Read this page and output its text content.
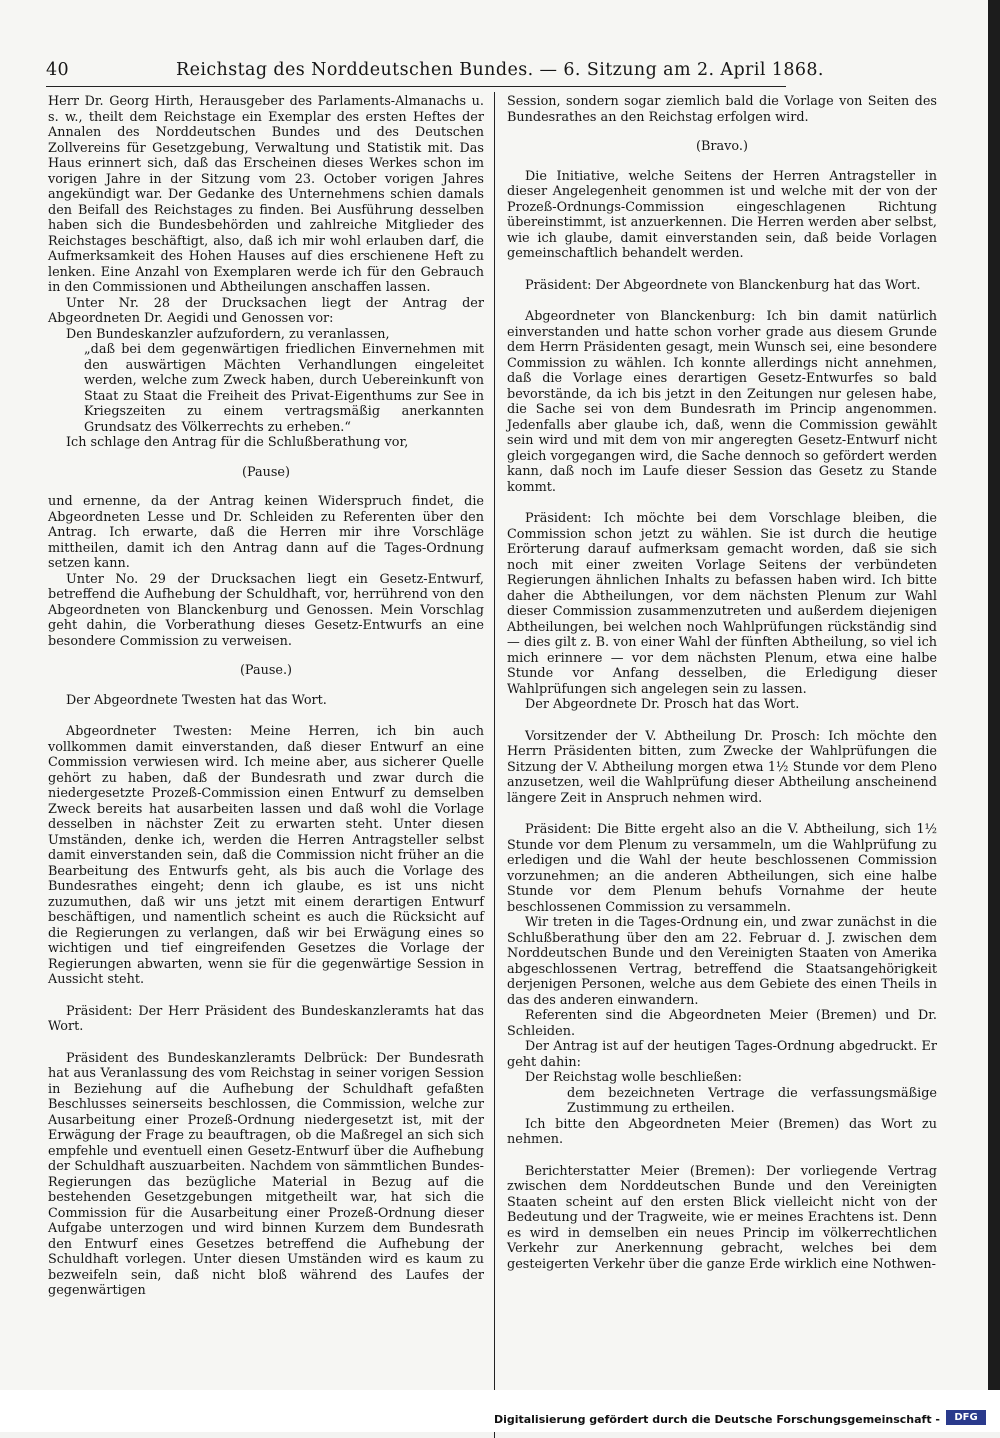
40	Reichstag des Norddeutschen Bundes. — 6. Sitzung am 2. April 1868.

Herr Dr. Georg Hirth, Herausgeber des Parlaments-Almanachs u. s. w., theilt dem Reichstage ein Exemplar des ersten Heftes der Annalen des Norddeutschen Bundes und des Deutschen Zollvereins für Gesetzgebung, Verwaltung und Statistik mit. Das Haus erinnert sich, daß das Erscheinen dieses Werkes schon im vorigen Jahre in der Sitzung vom 23. October vorigen Jahres angekündigt war. Der Gedanke des Unternehmens schien damals den Beifall des Reichstages zu finden. Bei Ausführung desselben haben sich die Bundesbehörden und zahlreiche Mitglieder des Reichstages beschäftigt, also, daß ich mir wohl erlauben darf, die Aufmerksamkeit des Hohen Hauses auf dies erschienene Heft zu lenken. Eine Anzahl von Exemplaren werde ich für den Gebrauch in den Commissionen und Abtheilungen anschaffen lassen.

Unter Nr. 28 der Drucksachen liegt der Antrag der Abgeordneten Dr. Aegidi und Genossen vor:

Den Bundeskanzler aufzufordern, zu veranlassen,

„daß bei dem gegenwärtigen friedlichen Einvernehmen mit den auswärtigen Mächten Verhandlungen eingeleitet werden, welche zum Zweck haben, durch Uebereinkunft von Staat zu Staat die Freiheit des Privat-Eigenthums zur See in Kriegszeiten zu einem vertragsmäßig anerkannten Grundsatz des Völkerrechts zu erheben.“

Ich schlage den Antrag für die Schlußberathung vor,

(Pause)

und ernenne, da der Antrag keinen Widerspruch findet, die Abgeordneten Lesse und Dr. Schleiden zu Referenten über den Antrag. Ich erwarte, daß die Herren mir ihre Vorschläge mittheilen, damit ich den Antrag dann auf die Tages-Ordnung setzen kann.

Unter No. 29 der Drucksachen liegt ein Gesetz-Entwurf, betreffend die Aufhebung der Schuldhaft, vor, herrührend von den Abgeordneten von Blanckenburg und Genossen. Mein Vorschlag geht dahin, die Vorberathung dieses Gesetz-Entwurfs an eine besondere Commission zu verweisen.

(Pause.)

Der Abgeordnete Twesten hat das Wort.

Abgeordneter Twesten: Meine Herren, ich bin auch vollkommen damit einverstanden, daß dieser Entwurf an eine Commission verwiesen wird. Ich meine aber, aus sicherer Quelle gehört zu haben, daß der Bundesrath und zwar durch die niedergesetzte Prozeß-Commission einen Entwurf zu demselben Zweck bereits hat ausarbeiten lassen und daß wohl die Vorlage desselben in nächster Zeit zu erwarten steht. Unter diesen Umständen, denke ich, werden die Herren Antragsteller selbst damit einverstanden sein, daß die Commission nicht früher an die Bearbeitung des Entwurfs geht, als bis auch die Vorlage des Bundesrathes eingeht; denn ich glaube, es ist uns nicht zuzumuthen, daß wir uns jetzt mit einem derartigen Entwurf beschäftigen, und namentlich scheint es auch die Rücksicht auf die Regierungen zu verlangen, daß wir bei Erwägung eines so wichtigen und tief eingreifenden Gesetzes die Vorlage der Regierungen abwarten, wenn sie für die gegenwärtige Session in Aussicht steht.

Präsident: Der Herr Präsident des Bundeskanzleramts hat das Wort.

Präsident des Bundeskanzleramts Delbrück: Der Bundesrath hat aus Veranlassung des vom Reichstag in seiner vorigen Session in Beziehung auf die Aufhebung der Schuldhaft gefaßten Beschlusses seinerseits beschlossen, die Commission, welche zur Ausarbeitung einer Prozeß-Ordnung niedergesetzt ist, mit der Erwägung der Frage zu beauftragen, ob die Maßregel an sich sich empfehle und eventuell einen Gesetz-Entwurf über die Aufhebung der Schuldhaft auszuarbeiten. Nachdem von sämmtlichen Bundes-Regierungen das bezügliche Material in Bezug auf die bestehenden Gesetzgebungen mitgetheilt war, hat sich die Commission für die Ausarbeitung einer Prozeß-Ordnung dieser Aufgabe unterzogen und wird binnen Kurzem dem Bundesrath den Entwurf eines Gesetzes betreffend die Aufhebung der Schuldhaft vorlegen. Unter diesen Umständen wird es kaum zu bezweifeln sein, daß nicht bloß während des Laufes der gegenwärtigen

Session, sondern sogar ziemlich bald die Vorlage von Seiten des Bundesrathes an den Reichstag erfolgen wird.

(Bravo.)

Die Initiative, welche Seitens der Herren Antragsteller in dieser Angelegenheit genommen ist und welche mit der von der Prozeß-Ordnungs-Commission eingeschlagenen Richtung übereinstimmt, ist anzuerkennen. Die Herren werden aber selbst, wie ich glaube, damit einverstanden sein, daß beide Vorlagen gemeinschaftlich behandelt werden.

Präsident: Der Abgeordnete von Blanckenburg hat das Wort.

Abgeordneter von Blanckenburg: Ich bin damit natürlich einverstanden und hatte schon vorher grade aus diesem Grunde dem Herrn Präsidenten gesagt, mein Wunsch sei, eine besondere Commission zu wählen. Ich konnte allerdings nicht annehmen, daß die Vorlage eines derartigen Gesetz-Entwurfes so bald bevorstände, da ich bis jetzt in den Zeitungen nur gelesen habe, die Sache sei von dem Bundesrath im Princip angenommen. Jedenfalls aber glaube ich, daß, wenn die Commission gewählt sein wird und mit dem von mir angeregten Gesetz-Entwurf nicht gleich vorgegangen wird, die Sache dennoch so gefördert werden kann, daß noch im Laufe dieser Session das Gesetz zu Stande kommt.

Präsident: Ich möchte bei dem Vorschlage bleiben, die Commission schon jetzt zu wählen. Sie ist durch die heutige Erörterung darauf aufmerksam gemacht worden, daß sie sich noch mit einer zweiten Vorlage Seitens der verbündeten Regierungen ähnlichen Inhalts zu befassen haben wird. Ich bitte daher die Abtheilungen, vor dem nächsten Plenum zur Wahl dieser Commission zusammenzutreten und außerdem diejenigen Abtheilungen, bei welchen noch Wahlprüfungen rückständig sind — dies gilt z. B. von einer Wahl der fünften Abtheilung, so viel ich mich erinnere — vor dem nächsten Plenum, etwa eine halbe Stunde vor Anfang desselben, die Erledigung dieser Wahlprüfungen sich angelegen sein zu lassen.

Der Abgeordnete Dr. Prosch hat das Wort.

Vorsitzender der V. Abtheilung Dr. Prosch: Ich möchte den Herrn Präsidenten bitten, zum Zwecke der Wahlprüfungen die Sitzung der V. Abtheilung morgen etwa 1½ Stunde vor dem Pleno anzusetzen, weil die Wahlprüfung dieser Abtheilung anscheinend längere Zeit in Anspruch nehmen wird.

Präsident: Die Bitte ergeht also an die V. Abtheilung, sich 1½ Stunde vor dem Plenum zu versammeln, um die Wahlprüfung zu erledigen und die Wahl der heute beschlossenen Commission vorzunehmen; an die anderen Abtheilungen, sich eine halbe Stunde vor dem Plenum behufs Vornahme der heute beschlossenen Commission zu versammeln.

Wir treten in die Tages-Ordnung ein, und zwar zunächst in die Schlußberathung über den am 22. Februar d. J. zwischen dem Norddeutschen Bunde und den Vereinigten Staaten von Amerika abgeschlossenen Vertrag, betreffend die Staatsangehörigkeit derjenigen Personen, welche aus dem Gebiete des einen Theils in das des anderen einwandern.

Referenten sind die Abgeordneten Meier (Bremen) und Dr. Schleiden.

Der Antrag ist auf der heutigen Tages-Ordnung abgedruckt. Er geht dahin:

Der Reichstag wolle beschließen:

dem bezeichneten Vertrage die verfassungsmäßige Zustimmung zu ertheilen.

Ich bitte den Abgeordneten Meier (Bremen) das Wort zu nehmen.

Berichterstatter Meier (Bremen): Der vorliegende Vertrag zwischen dem Norddeutschen Bunde und den Vereinigten Staaten scheint auf den ersten Blick vielleicht nicht von der Bedeutung und der Tragweite, wie er meines Erachtens ist. Denn es wird in demselben ein neues Princip im völkerrechtlichen Verkehr zur Anerkennung gebracht, welches bei dem gesteigerten Verkehr über die ganze Erde wirklich eine Nothwen-

Digitalisierung gefördert durch die Deutsche Forschungsgemeinschaft -	DFG
